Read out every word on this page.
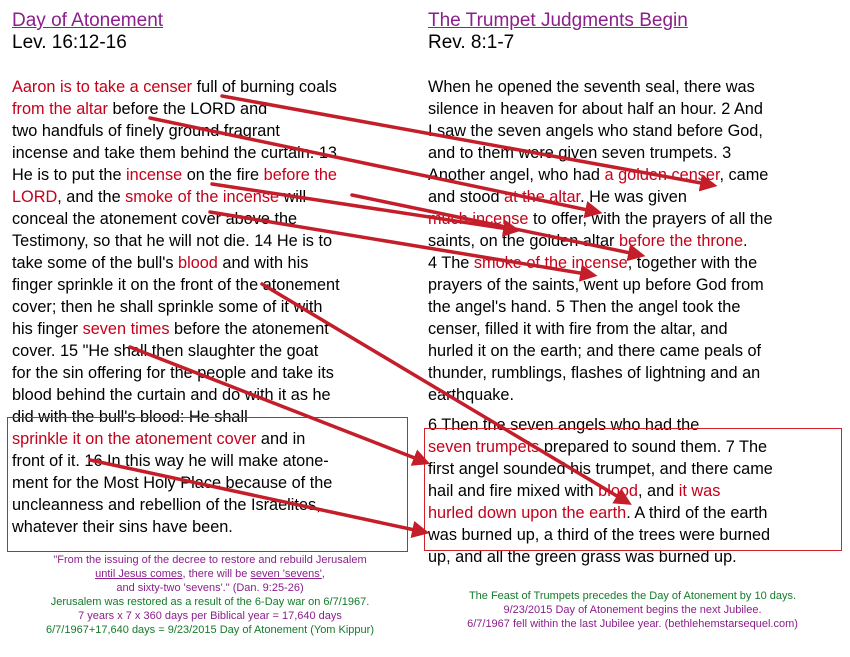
Day of Atonement
Lev. 16:12-16
Aaron is to take a censer full of burning coals
from the altar before the LORD and
two handfuls of finely ground fragrant
incense and take them behind the curtain. 13
He is to put the incense on the fire before the
LORD, and the smoke of the incense will
conceal the atonement cover above the
Testimony, so that he will not die. 14 He is to
take some of the bull's blood and with his
finger sprinkle it on the front of the atonement
cover; then he shall sprinkle some of it with
his finger seven times before the atonement
cover. 15 "He shall then slaughter the goat
for the sin offering for the people and take its
blood behind the curtain and do with it as he
did with the bull's blood: He shall
sprinkle it on the atonement cover and in
front of it. 16 In this way he will make atone-
ment for the Most Holy Place because of the
uncleanness and rebellion of the Israelites,
whatever their sins have been.
The Trumpet Judgments Begin
Rev. 8:1-7
When he opened the seventh seal, there was
silence in heaven for about half an hour. 2 And
I saw the seven angels who stand before God,
and to them were given seven trumpets. 3
Another angel, who had a golden censer, came
and stood at the altar. He was given
much incense to offer, with the prayers of all the
saints, on the golden altar before the throne.
4 The smoke of the incense, together with the
prayers of the saints, went up before God from
the angel's hand. 5 Then the angel took the
censer, filled it with fire from the altar, and
hurled it on the earth; and there came peals of
thunder, rumblings, flashes of lightning and an
earthquake.
6 Then the seven angels who had the
seven trumpets prepared to sound them. 7 The
first angel sounded his trumpet, and there came
hail and fire mixed with blood, and it was
hurled down upon the earth. A third of the earth
was burned up, a third of the trees were burned
up, and all the green grass was burned up.
"From the issuing of the decree to restore and rebuild Jerusalem
until Jesus comes, there will be seven 'sevens',
and sixty-two 'sevens'." (Dan. 9:25-26)
Jerusalem was restored as a result of the 6-Day war on 6/7/1967.
7 years x 7 x 360 days per Biblical year = 17,640 days
6/7/1967+17,640 days = 9/23/2015 Day of Atonement (Yom Kippur)
The Feast of Trumpets precedes the Day of Atonement by 10 days.
9/23/2015 Day of Atonement begins the next Jubilee.
6/7/1967 fell within the last Jubilee year. (bethlehemstarsequel.com)
